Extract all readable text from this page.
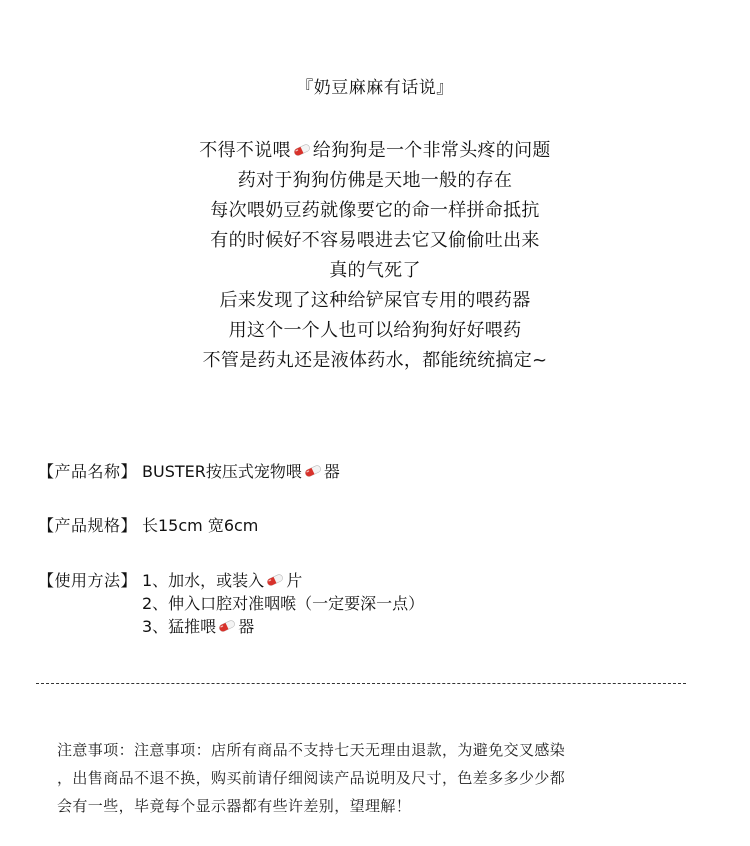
『奶豆麻麻有话说』

不得不说喂 给狗狗是一个非常头疼的问题
药对于狗狗仿佛是天地一般的存在
每次喂奶豆药就像要它的命一样拼命抵抗
有的时候好不容易喂进去它又偷偷吐出来
真的气死了
后来发现了这种给铲屎官专用的喂药器
用这个一个人也可以给狗狗好好喂药
不管是药丸还是液体药水，都能统统搞定~
【产品名称】 BUSTER按压式宠物喂 器
【产品规格】 长15cm 宽6cm
【使用方法】 1、加水，或装入 片
2、伸入口腔对准咽喉（一定要深一点）
3、猛推喂 器

注意事项：注意事项：店所有商品不支持七天无理由退款，为避免交叉感染

，出售商品不退不换，购买前请仔细阅读产品说明及尺寸，色差多多少少都

会有一些，毕竟每个显示器都有些许差别，望理解！
